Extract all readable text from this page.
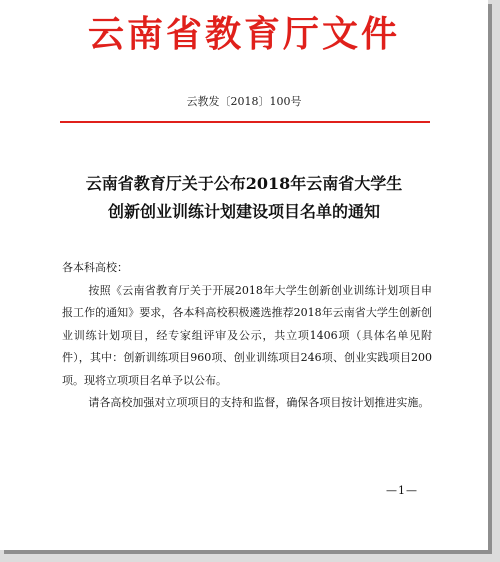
云南省教育厅文件
云教发〔2018〕100号
云南省教育厅关于公布2018年云南省大学生
创新创业训练计划建设项目名单的通知

各本科高校：

按照《云南省教育厅关于开展2018年大学生创新创业训练计划项目申报工作的通知》要求，各本科高校积极遴选推荐2018年云南省大学生创新创业训练计划项目，经专家组评审及公示，共立项1406项（具体名单见附件），其中：创新训练项目960项、创业训练项目246项、创业实践项目200项。现将立项项目名单予以公布。

请各高校加强对立项项目的支持和监督，确保各项目按计划推进实施。

—1—
